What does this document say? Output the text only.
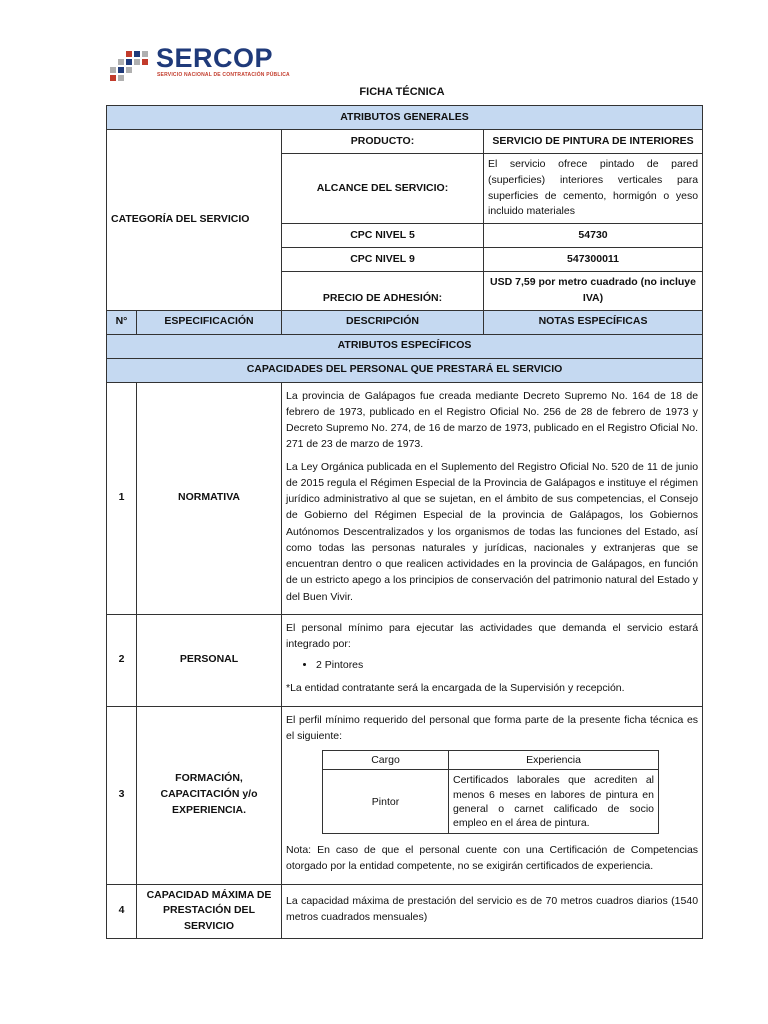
SERCOP
SERVICIO NACIONAL DE CONTRATACIÓN PÚBLICA
FICHA TÉCNICA
ATRIBUTOS GENERALES
CATEGORÍA DEL SERVICIO	PRODUCTO:	SERVICIO DE PINTURA DE INTERIORES
ALCANCE DEL SERVICIO:	El servicio ofrece pintado de pared (superficies) interiores verticales para superficies de cemento, hormigón o yeso incluido materiales
CPC NIVEL 5	54730
CPC NIVEL 9	547300011
PRECIO DE ADHESIÓN:	USD 7,59 por metro cuadrado (no incluye IVA)
N°	ESPECIFICACIÓN	DESCRIPCIÓN	NOTAS ESPECÍFICAS
ATRIBUTOS ESPECÍFICOS
CAPACIDADES DEL PERSONAL QUE PRESTARÁ EL SERVICIO
1	NORMATIVA	

La provincia de Galápagos fue creada mediante Decreto Supremo No. 164 de 18 de febrero de 1973, publicado en el Registro Oficial No. 256 de 28 de febrero de 1973 y Decreto Supremo No. 274, de 16 de marzo de 1973, publicado en el Registro Oficial No. 271 de 23 de marzo de 1973.

La Ley Orgánica publicada en el Suplemento del Registro Oficial No. 520 de 11 de junio de 2015 regula el Régimen Especial de la Provincia de Galápagos e instituye el régimen jurídico administrativo al que se sujetan, en el ámbito de sus competencias, el Consejo de Gobierno del Régimen Especial de la provincia de Galápagos, los Gobiernos Autónomos Descentralizados y los organismos de todas las funciones del Estado, así como todas las personas naturales y jurídicas, nacionales y extranjeras que se encuentran dentro o que realicen actividades en la provincia de Galápagos, en función de un estricto apego a los principios de conservación del patrimonio natural del Estado y del Buen Vivir.

2	PERSONAL	

El personal mínimo para ejecutar las actividades que demanda el servicio estará integrado por:

• 2 Pintores

*La entidad contratante será la encargada de la Supervisión y recepción.

3	FORMACIÓN, CAPACITACIÓN y/o EXPERIENCIA.	

El perfil mínimo requerido del personal que forma parte de la presente ficha técnica es el siguiente:

Cargo	Experiencia
Pintor	Certificados laborales que acrediten al menos 6 meses en labores de pintura en general o carnet calificado de socio empleo en el área de pintura.

Nota: En caso de que el personal cuente con una Certificación de Competencias otorgado por la entidad competente, no se exigirán certificados de experiencia.

4	CAPACIDAD MÁXIMA DE PRESTACIÓN DEL SERVICIO	

La capacidad máxima de prestación del servicio es de 70 metros cuadros diarios (1540 metros cuadrados mensuales)
